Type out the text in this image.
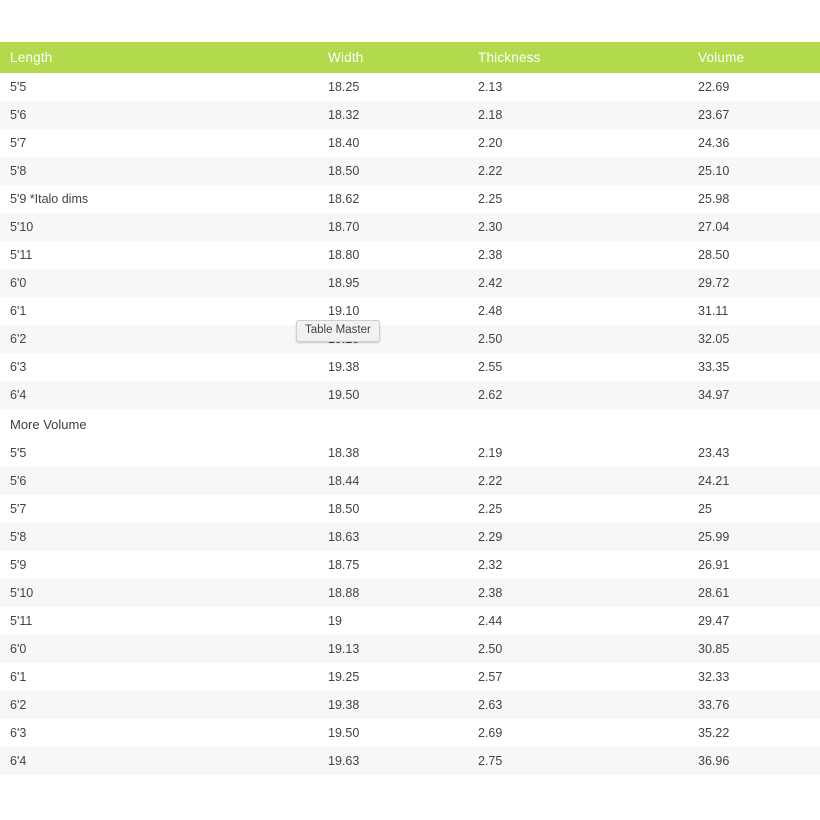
Length	Width	Thickness	Volume
5'5	18.25	2.13	22.69
5'6	18.32	2.18	23.67
5'7	18.40	2.20	24.36
5'8	18.50	2.22	25.10
5'9 *Italo dims	18.62	2.25	25.98
5'10	18.70	2.30	27.04
5'11	18.80	2.38	28.50
6'0	18.95	2.42	29.72
6'1	19.10	2.48	31.11
6'2		2.50	32.05
6'3	19.38	2.55	33.35
6'4	19.50	2.62	34.97
More Volume			
5'5	18.38	2.19	23.43
5'6	18.44	2.22	24.21
5'7	18.50	2.25	25
5'8	18.63	2.29	25.99
5'9	18.75	2.32	26.91
5'10	18.88	2.38	28.61
5'11	19	2.44	29.47
6'0	19.13	2.50	30.85
6'1	19.25	2.57	32.33
6'2	19.38	2.63	33.76
6'3	19.50	2.69	35.22
6'4	19.63	2.75	36.96
Table Master
